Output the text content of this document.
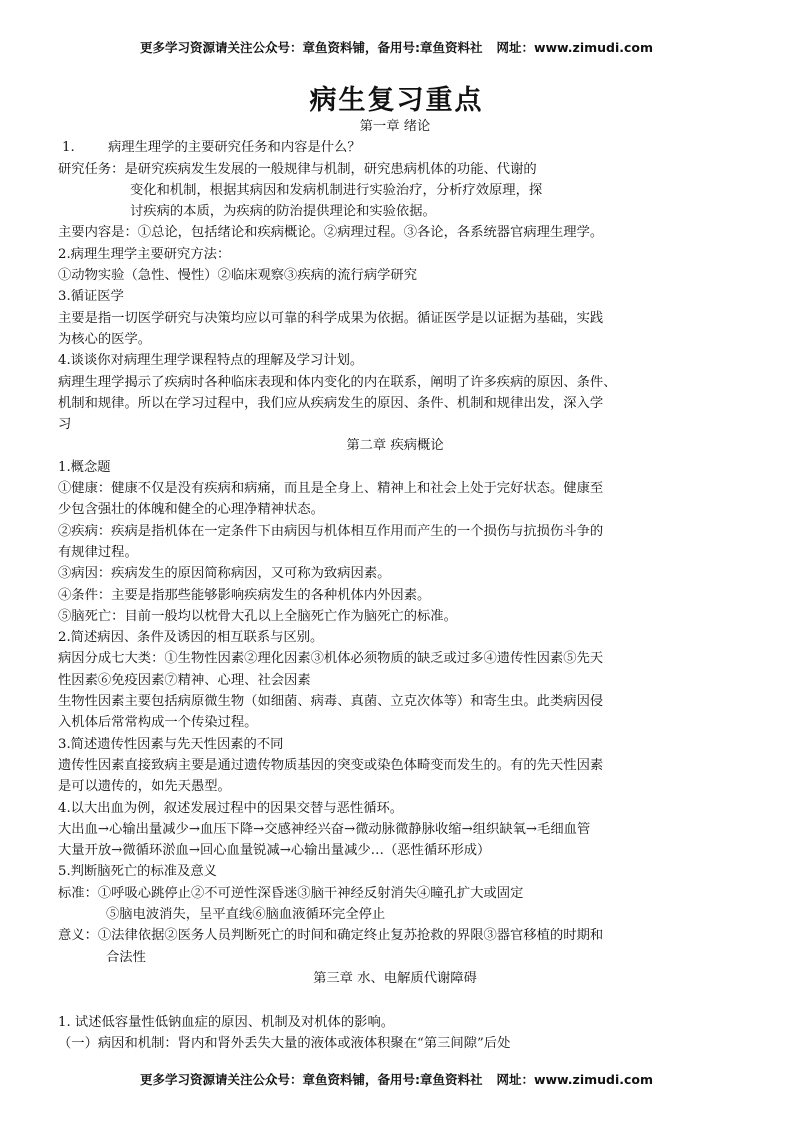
更多学习资源请关注公众号：章鱼资料铺，备用号:章鱼资料社 网址：www.zimudi.com
病生复习重点

第一章 绪论

1.	病理生理学的主要研究任务和内容是什么？

研究任务：是研究疾病发生发展的一般规律与机制，研究患病机体的功能、代谢的

变化和机制，根据其病因和发病机制进行实验治疗，分析疗效原理，探

讨疾病的本质，为疾病的防治提供理论和实验依据。

主要内容是：①总论，包括绪论和疾病概论。②病理过程。③各论，各系统器官病理生理学。

2.病理生理学主要研究方法：

①动物实验（急性、慢性）②临床观察③疾病的流行病学研究

3.循证医学

主要是指一切医学研究与决策均应以可靠的科学成果为依据。循证医学是以证据为基础，实践

为核心的医学。

4.谈谈你对病理生理学课程特点的理解及学习计划。

病理生理学揭示了疾病时各种临床表现和体内变化的内在联系，阐明了许多疾病的原因、条件、

机制和规律。所以在学习过程中，我们应从疾病发生的原因、条件、机制和规律出发，深入学

习

第二章 疾病概论

1.概念题

①健康：健康不仅是没有疾病和病痛，而且是全身上、精神上和社会上处于完好状态。健康至

少包含强壮的体魄和健全的心理净精神状态。

②疾病：疾病是指机体在一定条件下由病因与机体相互作用而产生的一个损伤与抗损伤斗争的

有规律过程。

③病因：疾病发生的原因简称病因，又可称为致病因素。

④条件：主要是指那些能够影响疾病发生的各种机体内外因素。

⑤脑死亡：目前一般均以枕骨大孔以上全脑死亡作为脑死亡的标准。

2.简述病因、条件及诱因的相互联系与区别。

病因分成七大类：①生物性因素②理化因素③机体必须物质的缺乏或过多④遗传性因素⑤先天

性因素⑥免疫因素⑦精神、心理、社会因素

生物性因素主要包括病原微生物（如细菌、病毒、真菌、立克次体等）和寄生虫。此类病因侵

入机体后常常构成一个传染过程。

3.简述遗传性因素与先天性因素的不同

遗传性因素直接致病主要是通过遗传物质基因的突变或染色体畸变而发生的。有的先天性因素

是可以遗传的，如先天愚型。

4.以大出血为例，叙述发展过程中的因果交替与恶性循环。

大出血→心输出量减少→血压下降→交感神经兴奋→微动脉微静脉收缩→组织缺氧→毛细血管

大量开放→微循环淤血→回心血量锐减→心输出量减少…（恶性循环形成）

5.判断脑死亡的标准及意义

标准：①呼吸心跳停止②不可逆性深昏迷③脑干神经反射消失④瞳孔扩大或固定

⑤脑电波消失，呈平直线⑥脑血液循环完全停止

意义：①法律依据②医务人员判断死亡的时间和确定终止复苏抢救的界限③器官移植的时期和

合法性

第三章 水、电解质代谢障碍

1. 试述低容量性低钠血症的原因、机制及对机体的影响。

（一）病因和机制：肾内和肾外丢失大量的液体或液体积聚在“第三间隙”后处

更多学习资源请关注公众号：章鱼资料铺，备用号:章鱼资料社 网址：www.zimudi.com
